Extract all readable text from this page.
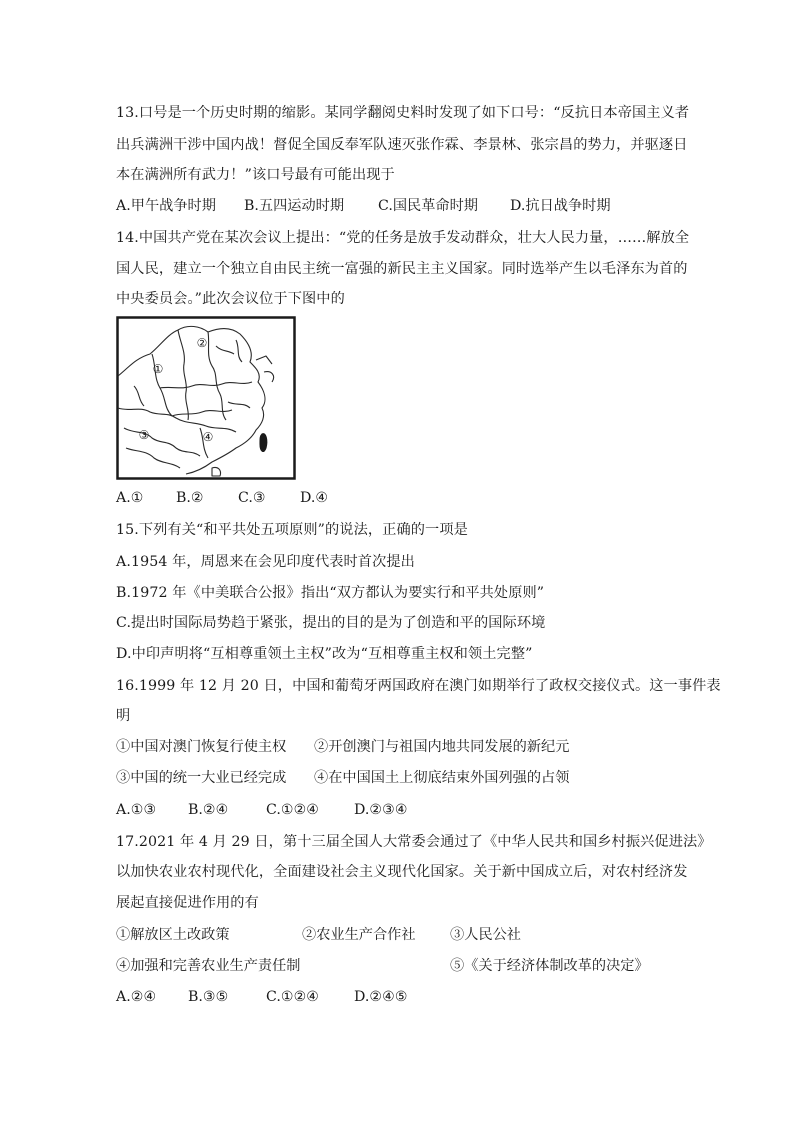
13.口号是一个历史时期的缩影。某同学翻阅史料时发现了如下口号：“反抗日本帝国主义者
出兵满洲干涉中国内战！督促全国反奉军队速灭张作霖、李景林、张宗昌的势力，并驱逐日
本在满洲所有武力！”该口号最有可能出现于
A.甲午战争时期 B.五四运动时期 C.国民革命时期 D.抗日战争时期
14.中国共产党在某次会议上提出：“党的任务是放手发动群众，壮大人民力量，……解放全
国人民，建立一个独立自由民主统一富强的新民主主义国家。同时选举产生以毛泽东为首的
中央委员会。”此次会议位于下图中的
②
①
③	④
A.① B.② C.③ D.④
15.下列有关“和平共处五项原则”的说法，正确的一项是
A.1954 年，周恩来在会见印度代表时首次提出
B.1972 年《中美联合公报》指出“双方都认为要实行和平共处原则”
C.提出时国际局势趋于紧张，提出的目的是为了创造和平的国际环境
D.中印声明将“互相尊重领土主权”改为“互相尊重主权和领土完整”
16.1999 年 12 月 20 日，中国和葡萄牙两国政府在澳门如期举行了政权交接仪式。这一事件表
明
①中国对澳门恢复行使主权 ②开创澳门与祖国内地共同发展的新纪元
③中国的统一大业已经完成 ④在中国国土上彻底结束外国列强的占领
A.①③ B.②④	C.①②④ D.②③④
17.2021 年 4 月 29 日，第十三届全国人大常委会通过了《中华人民共和国乡村振兴促进法》
以加快农业农村现代化，全面建设社会主义现代化国家。关于新中国成立后，对农村经济发
展起直接促进作用的有
①解放区土改政策	②农业生产合作社 ③人民公社
④加强和完善农业生产责任制	⑤《关于经济体制改革的决定》
A.②④ B.③⑤	C.①②④ D.②④⑤
